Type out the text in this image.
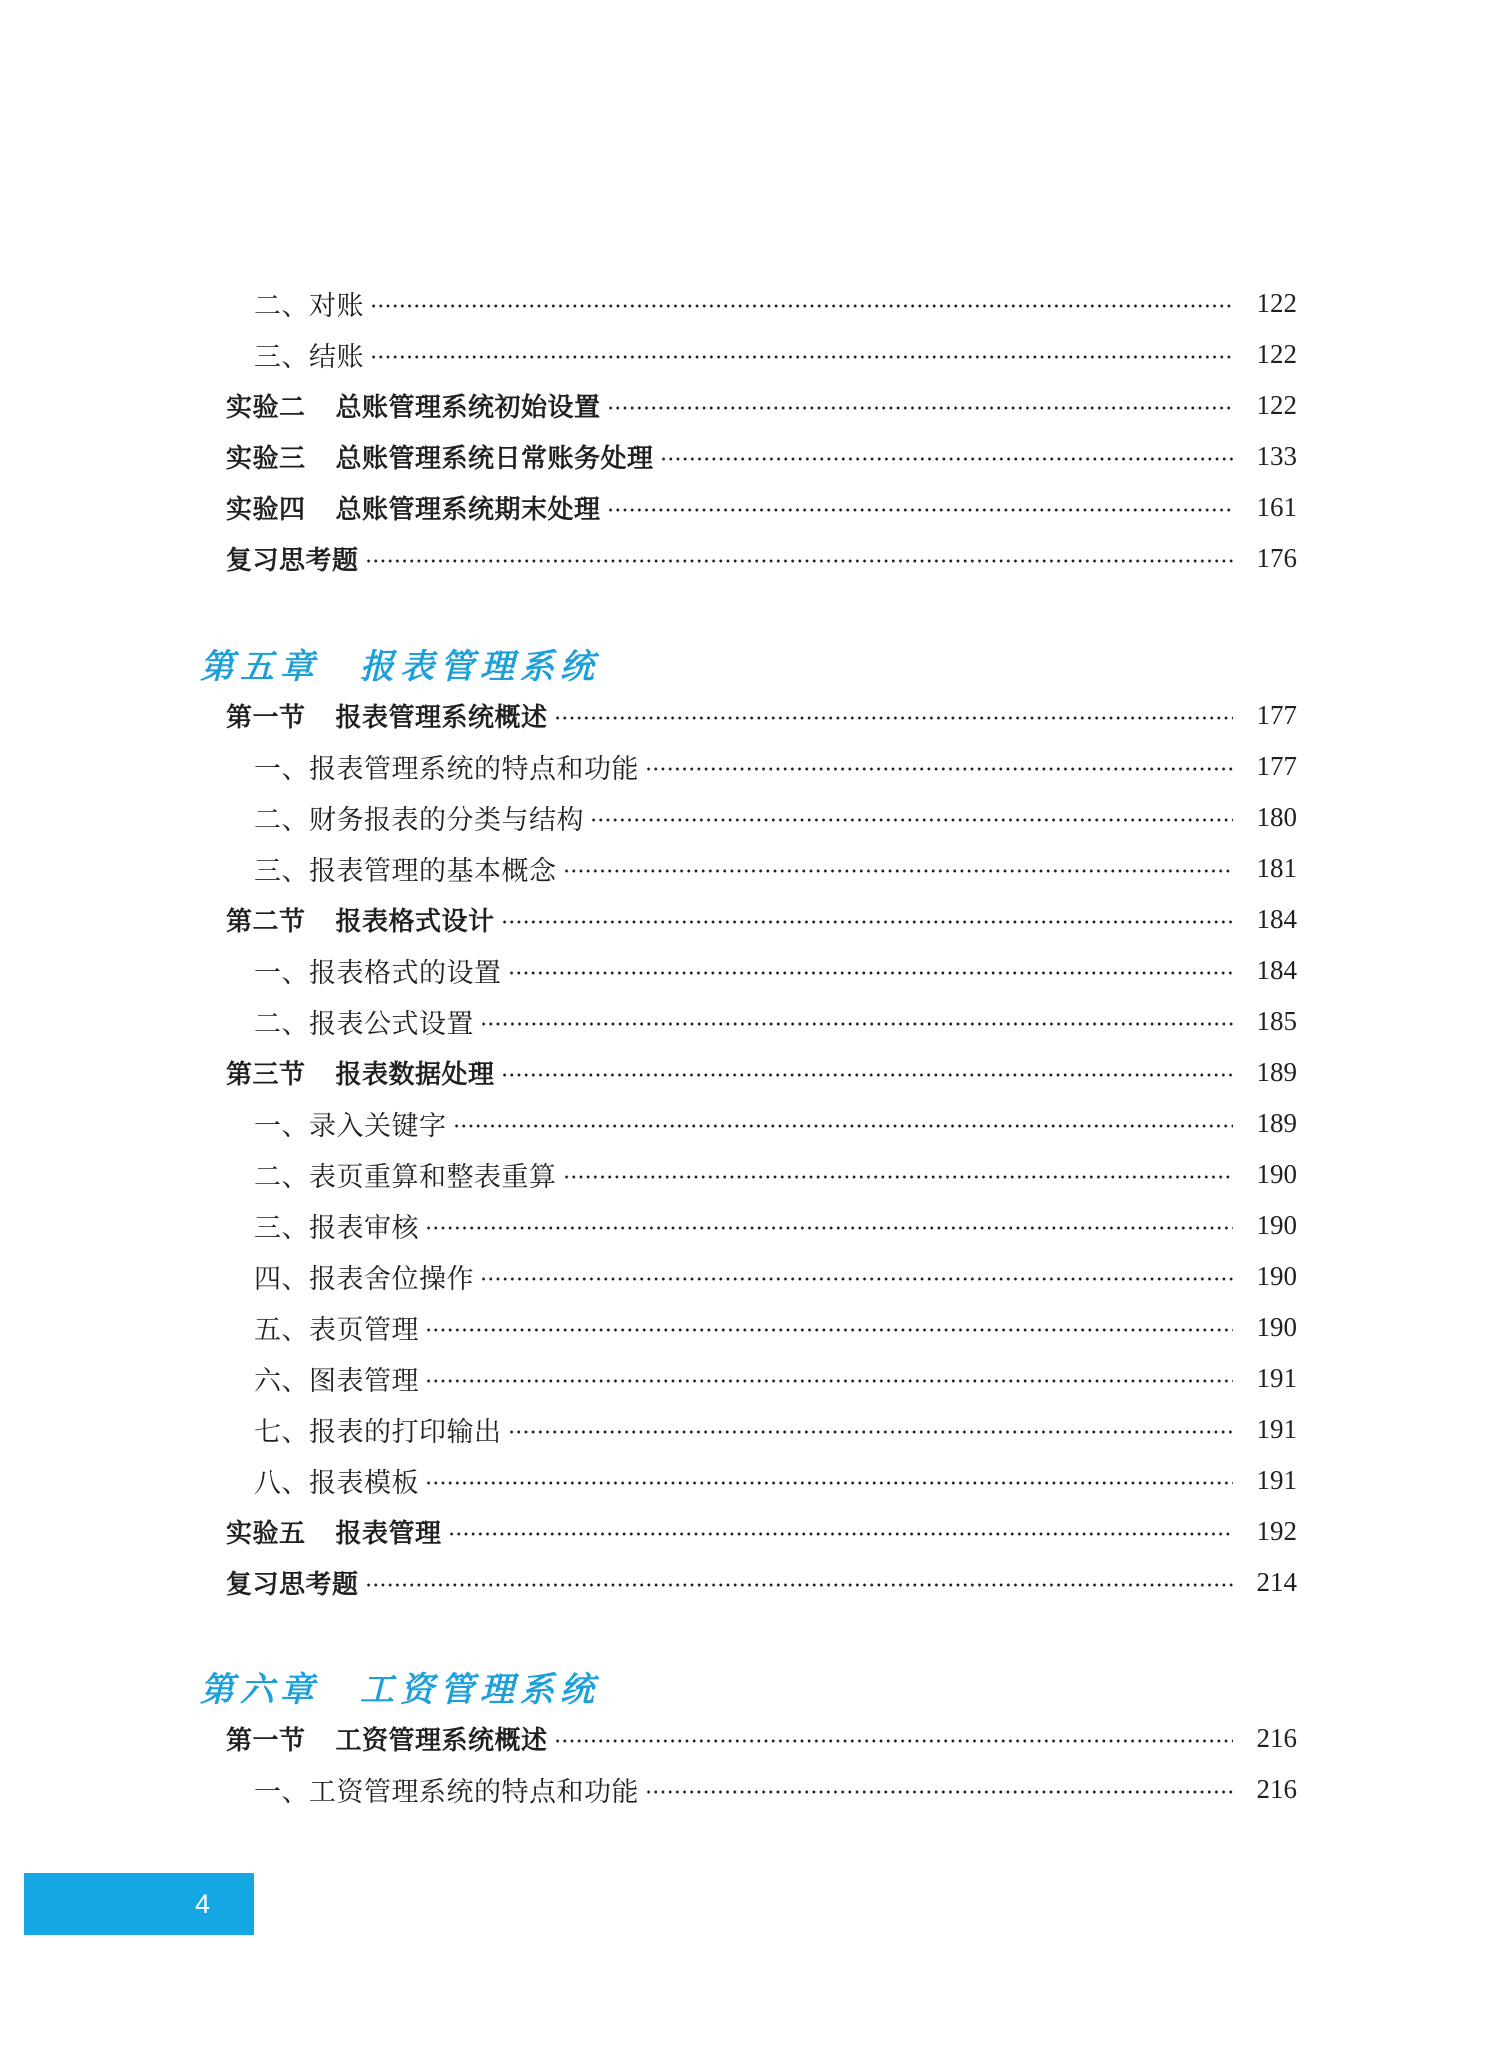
二、对账	122
三、结账	122
实验二 总账管理系统初始设置	122
实验三 总账管理系统日常账务处理	133
实验四 总账管理系统期末处理	161
复习思考题	176
第五章 报表管理系统
第一节 报表管理系统概述	177
一、报表管理系统的特点和功能	177
二、财务报表的分类与结构	180
三、报表管理的基本概念	181
第二节 报表格式设计	184
一、报表格式的设置	184
二、报表公式设置	185
第三节 报表数据处理	189
一、录入关键字	189
二、表页重算和整表重算	190
三、报表审核	190
四、报表舍位操作	190
五、表页管理	190
六、图表管理	191
七、报表的打印输出	191
八、报表模板	191
实验五 报表管理	192
复习思考题	214
第六章 工资管理系统
第一节 工资管理系统概述	216
一、工资管理系统的特点和功能	216
4
